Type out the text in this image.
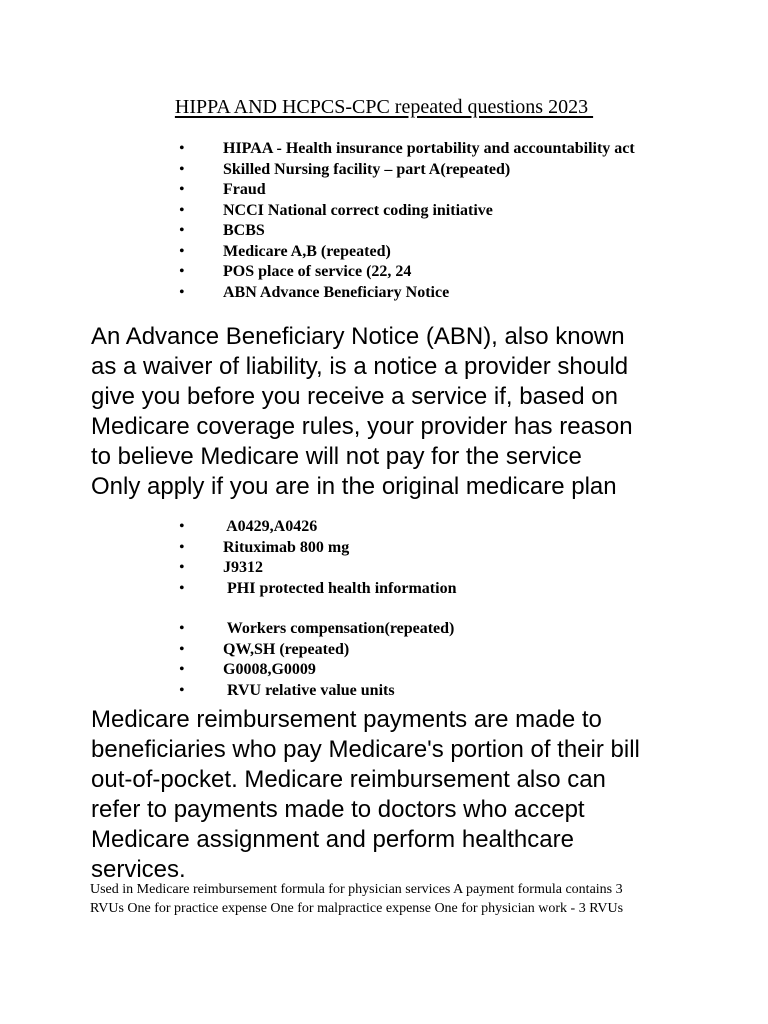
HIPPA AND HCPCS-CPC repeated questions 2023
• HIPAA - Health insurance portability and accountability act
• Skilled Nursing facility – part A(repeated)
• Fraud
• NCCI National correct coding initiative
• BCBS
• Medicare A,B (repeated)
• POS place of service (22, 24
• ABN Advance Beneficiary Notice

An Advance Beneficiary Notice (ABN), also known
as a waiver of liability, is a notice a provider should
give you before you receive a service if, based on
Medicare coverage rules, your provider has reason
to believe Medicare will not pay for the service
Only apply if you are in the original medicare plan

• A0429,A0426
• Rituximab 800 mg
• J9312
• PHI protected health information
• Workers compensation(repeated)
• QW,SH (repeated)
• G0008,G0009
• RVU relative value units

Medicare reimbursement payments are made to
beneficiaries who pay Medicare's portion of their bill
out-of-pocket. Medicare reimbursement also can
refer to payments made to doctors who accept
Medicare assignment and perform healthcare
services.

Used in Medicare reimbursement formula for physician services A payment formula contains 3
RVUs One for practice expense One for malpractice expense One for physician work - 3 RVUs
